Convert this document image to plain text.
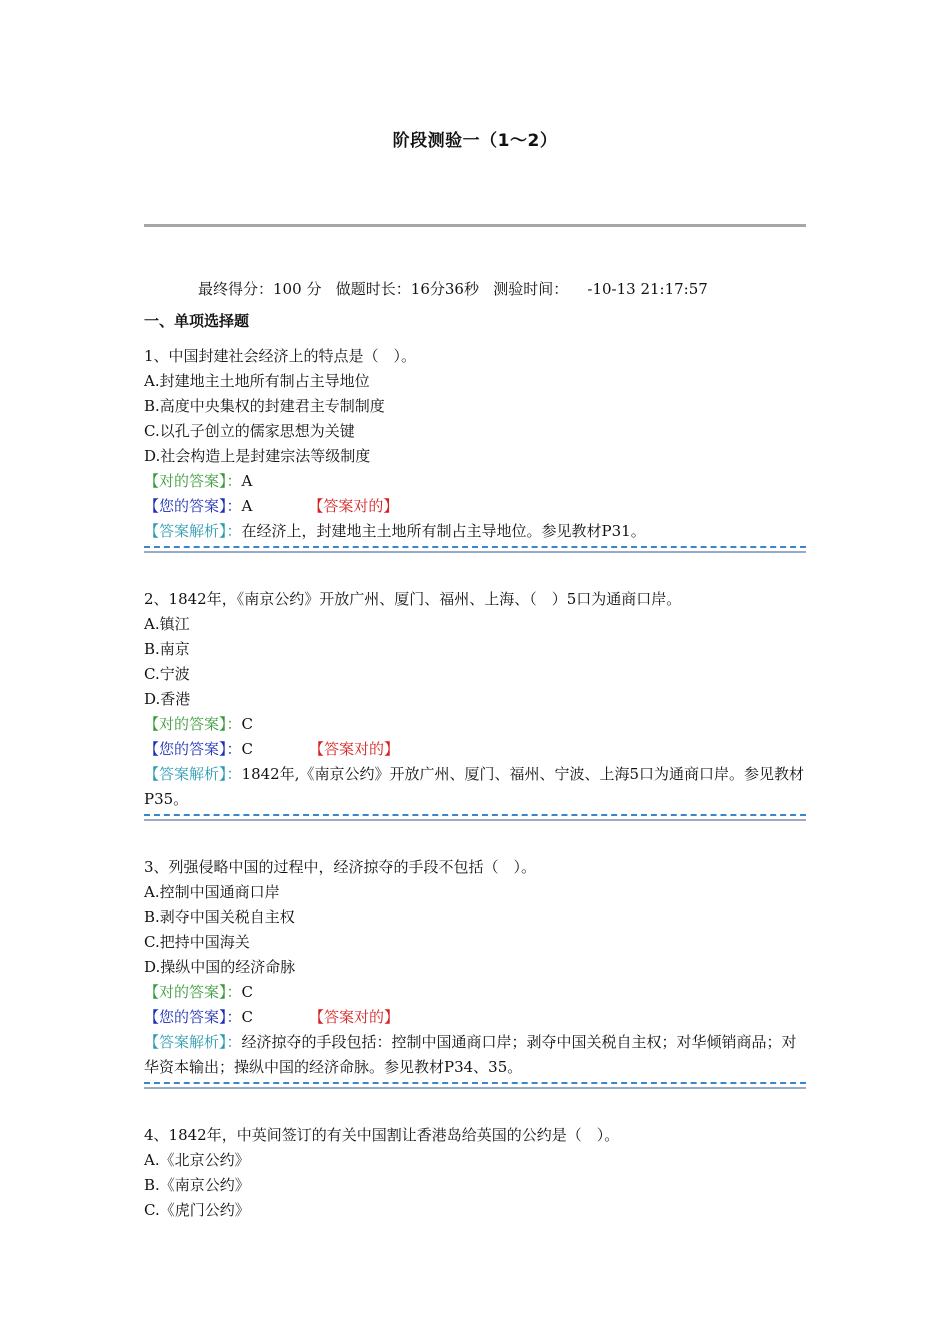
阶段测验一（1～2）
最终得分：100 分 做题时长：16分36秒 测验时间： -10-13 21:17:57
一、单项选择题
1、中国封建社会经济上的特点是（　）。
A.封建地主土地所有制占主导地位
B.高度中央集权的封建君主专制制度
C.以孔子创立的儒家思想为关键
D.社会构造上是封建宗法等级制度
【对的答案】：A
【您的答案】：A	【答案对的】
【答案解析】：在经济上，封建地主土地所有制占主导地位。参见教材P31。
2、1842年，《南京公约》开放广州、厦门、福州、上海、（　）5口为通商口岸。
A.镇江
B.南京
C.宁波
D.香港
【对的答案】：C
【您的答案】：C	【答案对的】
【答案解析】：1842年,《南京公约》开放广州、厦门、福州、宁波、上海5口为通商口岸。参见教材P35。
3、列强侵略中国的过程中，经济掠夺的手段不包括（　）。
A.控制中国通商口岸
B.剥夺中国关税自主权
C.把持中国海关
D.操纵中国的经济命脉
【对的答案】：C
【您的答案】：C	【答案对的】
【答案解析】：经济掠夺的手段包括：控制中国通商口岸；剥夺中国关税自主权；对华倾销商品；对华资本输出；操纵中国的经济命脉。参见教材P34、35。
4、1842年，中英间签订的有关中国割让香港岛给英国的公约是（　）。
A.《北京公约》
B.《南京公约》
C.《虎门公约》
